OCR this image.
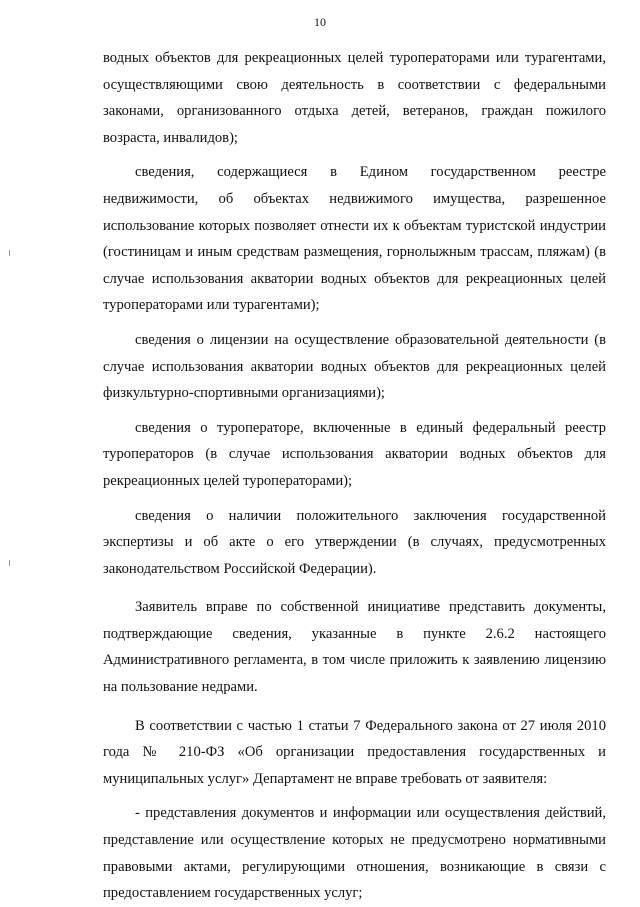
10

водных объектов для рекреационных целей туроператорами или турагентами, осуществляющими свою деятельность в соответствии с федеральными законами, организованного отдыха детей, ветеранов, граждан пожилого возраста, инвалидов);

сведения, содержащиеся в Едином государственном реестре недвижимости, об объектах недвижимого имущества, разрешенное использование которых позволяет отнести их к объектам туристской индустрии (гостиницам и иным средствам размещения, горнолыжным трассам, пляжам) (в случае использования акватории водных объектов для рекреационных целей туроператорами или турагентами);

сведения о лицензии на осуществление образовательной деятельности (в случае использования акватории водных объектов для рекреационных целей физкультурно-спортивными организациями);

сведения о туроператоре, включенные в единый федеральный реестр туроператоров (в случае использования акватории водных объектов для рекреационных целей туроператорами);

сведения о наличии положительного заключения государственной экспертизы и об акте о его утверждении (в случаях, предусмотренных законодательством Российской Федерации).

Заявитель вправе по собственной инициативе представить документы, подтверждающие сведения, указанные в пункте 2.6.2 настоящего Административного регламента, в том числе приложить к заявлению лицензию на пользование недрами.

В соответствии с частью 1 статьи 7 Федерального закона от 27 июля 2010 года № 210-ФЗ «Об организации предоставления государственных и муниципальных услуг» Департамент не вправе требовать от заявителя:

- представления документов и информации или осуществления действий, представление или осуществление которых не предусмотрено нормативными правовыми актами, регулирующими отношения, возникающие в связи с предоставлением государственных услуг;
